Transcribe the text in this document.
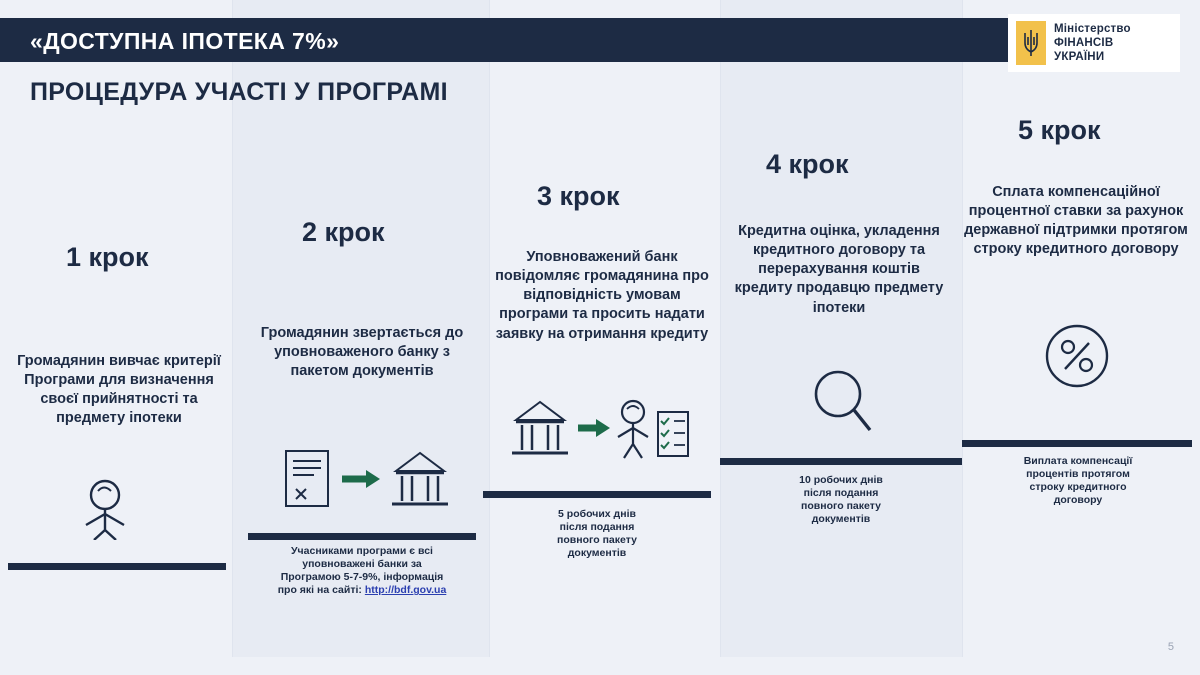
«ДОСТУПНА ІПОТЕКА 7%»
ПРОЦЕДУРА УЧАСТІ У ПРОГРАМІ
Міністерство
ФІНАНСІВ
УКРАЇНИ
1 крок
Громадянин вивчає критерії Програми для визначення своєї прийнятності та предмету іпотеки
2 крок
Громадянин звертається до уповноваженого банку з пакетом документів
Учасниками програми є всі
уповноважені банки за
Програмою 5-7-9%, інформація
про які на сайті: http://bdf.gov.ua
3 крок
Уповноважений банк повідомляє громадянина про відповідність умовам програми та просить надати заявку на отримання кредиту
5 робочих днів
після подання
повного пакету
документів
4 крок
Кредитна оцінка, укладення кредитного договору та перерахування коштів кредиту продавцю предмету іпотеки
10 робочих днів
після подання
повного пакету
документів
5 крок
Сплата компенсаційної процентної ставки за рахунок державної підтримки протягом строку кредитного договору
Виплата компенсації
процентів протягом
строку кредитного
договору
5
